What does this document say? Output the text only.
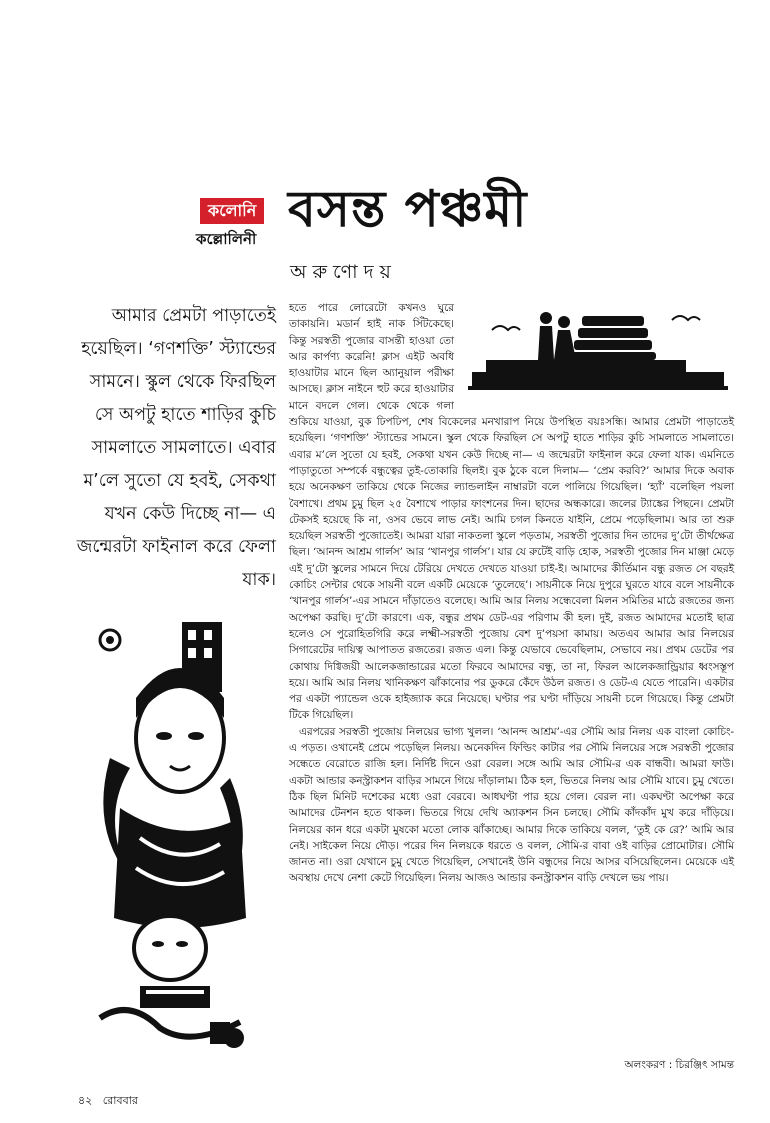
কলোনি
কল্লোলিনী
বসন্ত পঞ্চমী
অরুণোদয়
আমার প্রেমটা পাড়াতেই হয়েছিল। ‘গণশক্তি’ স্ট্যান্ডের সামনে। স্কুল থেকে ফিরছিল সে অপটু হাতে শাড়ির কুচি সামলাতে সামলাতে। এবার ম’লে সুতো যে হবই, সেকথা যখন কেউ দিচ্ছে না— এ জন্মেরটা ফাইনাল করে ফেলা যাক।

হতে পারে লোরেটো কখনও ঘুরে তাকায়নি। মডার্ন হাই নাক সিঁটকেছে। কিন্তু সরস্বতী পুজোর বাসন্তী হাওয়া তো আর কার্পণ্য করেনি! ক্লাস এইট অবধি হাওয়াটার মানে ছিল অ্যানুয়াল পরীক্ষা আসছে। ক্লাস নাইনে হুট করে হাওয়াটার মানে বদলে গেল। থেকে থেকে গলা শুকিয়ে যাওয়া, বুক ঢিপঢিপ, শেষ বিকেলের মনখারাপ নিয়ে উপস্থিত বয়ঃসন্ধি। আমার প্রেমটা পাড়াতেই হয়েছিল। ‘গণশক্তি’ স্ট্যান্ডের সামনে। স্কুল থেকে ফিরছিল সে অপটু হাতে শাড়ির কুচি সামলাতে সামলাতে। এবার ম’লে সুতো যে হবই, সেকথা যখন কেউ দিচ্ছে না— এ জন্মেরটা ফাইনাল করে ফেলা যাক। এমনিতে পাড়াতুতো সম্পর্কে বন্ধুত্বের তুই-তোকারি ছিলই। বুক ঠুকে বলে দিলাম— ‘প্রেম করবি?’ আমার দিকে অবাক হয়ে অনেকক্ষণ তাকিয়ে থেকে নিজের ল্যান্ডলাইন নাম্বারটা বলে পালিয়ে গিয়েছিল। ‘হ্যাঁ’ বলেছিল পয়লা বৈশাখে। প্রথম চুমু ছিল ২৫ বৈশাখে পাড়ার ফাংশনের দিন। ছাদের অন্ধকারে। জলের ট্যাঙ্কের পিছনে। প্রেমটা টেকসই হয়েছে কি না, ওসব ভেবে লাভ নেই। আমি চগল কিনতে যাইনি, প্রেমে পড়েছিলাম। আর তা শুরু হয়েছিল সরস্বতী পুজোতেই। আমরা যারা নাকতলা স্কুলে পড়তাম, সরস্বতী পুজোর দিন তাদের দু’টো তীর্থক্ষেত্র ছিল। ‘আনন্দ আশ্রম গার্লস’ আর ‘খানপুর গার্লস’। যার যে রুটেই বাড়ি হোক, সরস্বতী পুজোর দিন মাঞ্জা মেড়ে এই দু’টো স্কুলের সামনে দিয়ে টেরিয়ে দেখতে দেখতে যাওয়া চাই-ই। আমাদের কীর্তিমান বন্ধু রজত সে বছরই কোচিং সেন্টার থেকে সায়নী বলে একটি মেয়েকে ‘তুলেছে’। সায়নীকে নিয়ে দুপুরে ঘুরতে যাবে বলে সায়নীকে ‘খানপুর গার্লস’-এর সামনে দাঁড়াতেও বলেছে। আমি আর নিলয় সন্ধেবেলা মিলন সমিতির মাঠে রজতের জন্য অপেক্ষা করছি। দু’টো কারণে। এক, বন্ধুর প্রথম ডেট-এর পরিণাম কী হল। দুই, রজত আমাদের মতোই ছাত্র হলেও সে পুরোহিতগিরি করে লক্ষ্মী-সরস্বতী পুজোয় বেশ দু’পয়সা কামায়। অতএব আমার আর নিলয়ের সিগারেটের দায়িত্ব আপাতত রজতের। রজত এল। কিন্তু যেভাবে ভেবেছিলাম, সেভাবে নয়। প্রথম ডেটের পর কোথায় দিগ্বিজয়ী আলেকজান্ডারের মতো ফিরবে আমাদের বন্ধু, তা না, ফিরল আলেকজান্ড্রিয়ার ধ্বংসস্তূপ হয়ে। আমি আর নিলয় খানিকক্ষণ ঝাঁকানোর পর ডুকরে কেঁদে উঠল রজত। ও ডেট-এ যেতে পারেনি। একটার পর একটা প্যান্ডেল ওকে হাইজ্যাক করে নিয়েছে। ঘণ্টার পর ঘণ্টা দাঁড়িয়ে সায়নী চলে গিয়েছে। কিন্তু প্রেমটা টিকে গিয়েছিল।

এরপরের সরস্বতী পুজোয় নিলয়ের ভাগ্য খুলল। ‘আনন্দ আশ্রম’-এর সৌমি আর নিলয় এক বাংলা কোচিং-এ পড়ত। ওখানেই প্রেমে পড়েছিল নিলয়। অনেকদিন ফিল্ডিং কাটার পর সৌমি নিলয়ের সঙ্গে সরস্বতী পুজোর সন্ধেতে বেরোতে রাজি হল। নির্দিষ্ট দিনে ওরা বেরল। সঙ্গে আমি আর সৌমি-র এক বান্ধবী। আমরা ফাউ। একটা আন্ডার কনস্ট্রাকশন বাড়ির সামনে গিয়ে দাঁড়ালাম। ঠিক হল, ভিতরে নিলয় আর সৌমি যাবে। চুমু খেতে। ঠিক ছিল মিনিট দশেকের মধ্যে ওরা বেরবে। আধঘণ্টা পার হয়ে গেল। বেরল না। একঘণ্টা অপেক্ষা করে আমাদের টেনশন হতে থাকল। ভিতরে গিয়ে দেখি অ্যাকশন সিন চলছে। সৌমি কাঁদকাঁদ মুখ করে দাঁড়িয়ে। নিলয়ের কান ধরে একটা মুষকো মতো লোক ঝাঁকাচ্ছে। আমার দিকে তাকিয়ে বলল, ‘তুই কে রে?’ আমি আর নেই। সাইকেল নিয়ে দৌড়। পরের দিন নিলয়কে ধরতে ও বলল, সৌমি-র বাবা ওই বাড়ির প্রোমোটার। সৌমি জানত না। ওরা যেখানে চুমু খেতে গিয়েছিল, সেখানেই উনি বন্ধুদের নিয়ে আসর বসিয়েছিলেন। মেয়েকে এই অবস্থায় দেখে নেশা কেটে গিয়েছিল। নিলয় আজও আন্ডার কনস্ট্রাকশন বাড়ি দেখলে ভয় পায়।

অলংকরণ : চিরঞ্জিৎ সামন্ত
৪২ রোববার
